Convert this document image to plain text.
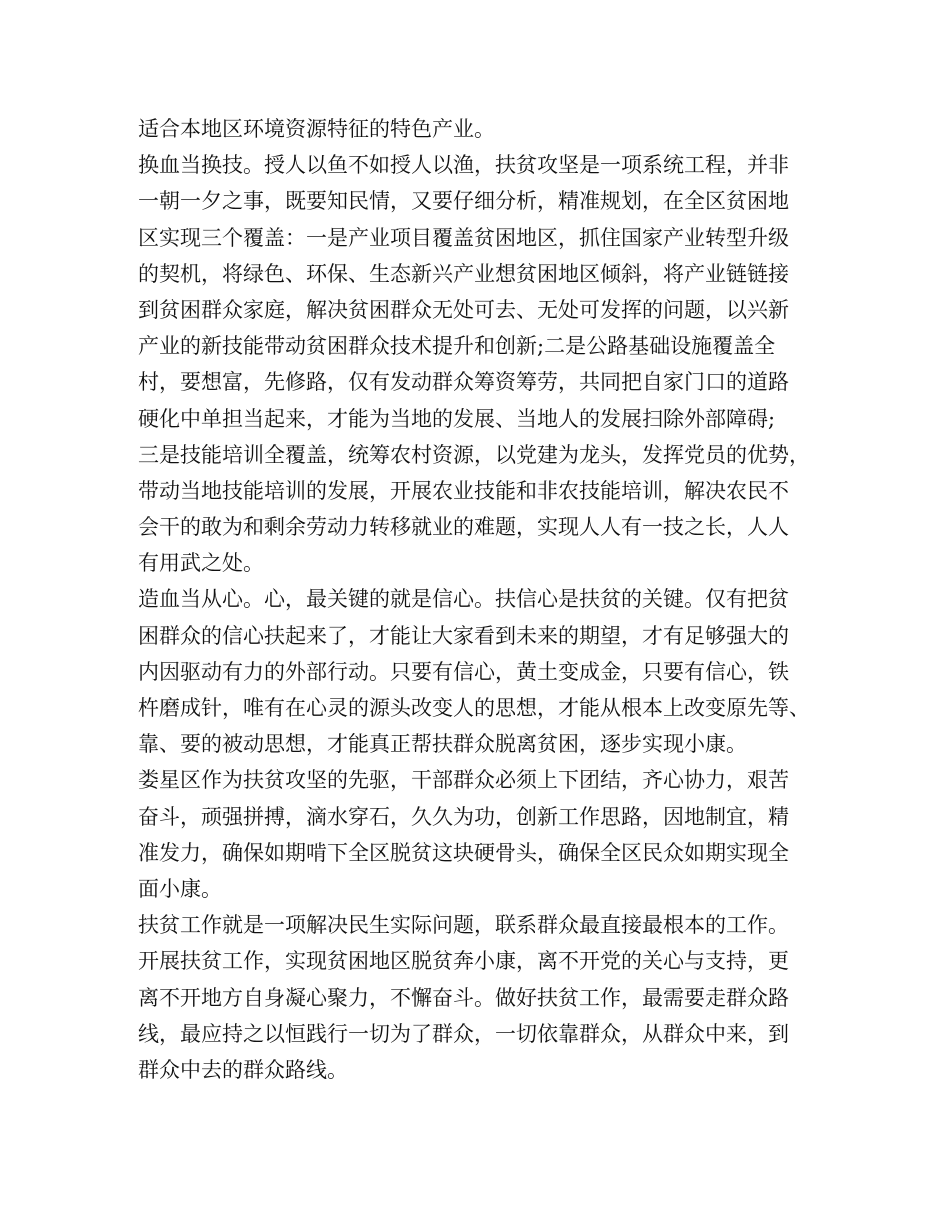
适合本地区环境资源特征的特色产业。
换血当换技。授人以鱼不如授人以渔，扶贫攻坚是一项系统工程，并非
一朝一夕之事，既要知民情，又要仔细分析，精准规划，在全区贫困地
区实现三个覆盖：一是产业项目覆盖贫困地区，抓住国家产业转型升级
的契机，将绿色、环保、生态新兴产业想贫困地区倾斜，将产业链链接
到贫困群众家庭，解决贫困群众无处可去、无处可发挥的问题，以兴新
产业的新技能带动贫困群众技术提升和创新;二是公路基础设施覆盖全
村，要想富，先修路，仅有发动群众筹资筹劳，共同把自家门口的道路
硬化中单担当起来，才能为当地的发展、当地人的发展扫除外部障碍;
三是技能培训全覆盖，统筹农村资源，以党建为龙头，发挥党员的优势，
带动当地技能培训的发展，开展农业技能和非农技能培训，解决农民不
会干的敢为和剩余劳动力转移就业的难题，实现人人有一技之长，人人
有用武之处。
造血当从心。心，最关键的就是信心。扶信心是扶贫的关键。仅有把贫
困群众的信心扶起来了，才能让大家看到未来的期望，才有足够强大的
内因驱动有力的外部行动。只要有信心，黄土变成金，只要有信心，铁
杵磨成针，唯有在心灵的源头改变人的思想，才能从根本上改变原先等、
靠、要的被动思想，才能真正帮扶群众脱离贫困，逐步实现小康。
娄星区作为扶贫攻坚的先驱，干部群众必须上下团结，齐心协力，艰苦
奋斗，顽强拼搏，滴水穿石，久久为功，创新工作思路，因地制宜，精
准发力，确保如期啃下全区脱贫这块硬骨头，确保全区民众如期实现全
面小康。
扶贫工作就是一项解决民生实际问题，联系群众最直接最根本的工作。
开展扶贫工作，实现贫困地区脱贫奔小康，离不开党的关心与支持，更
离不开地方自身凝心聚力，不懈奋斗。做好扶贫工作，最需要走群众路
线，最应持之以恒践行一切为了群众，一切依靠群众，从群众中来，到
群众中去的群众路线。
